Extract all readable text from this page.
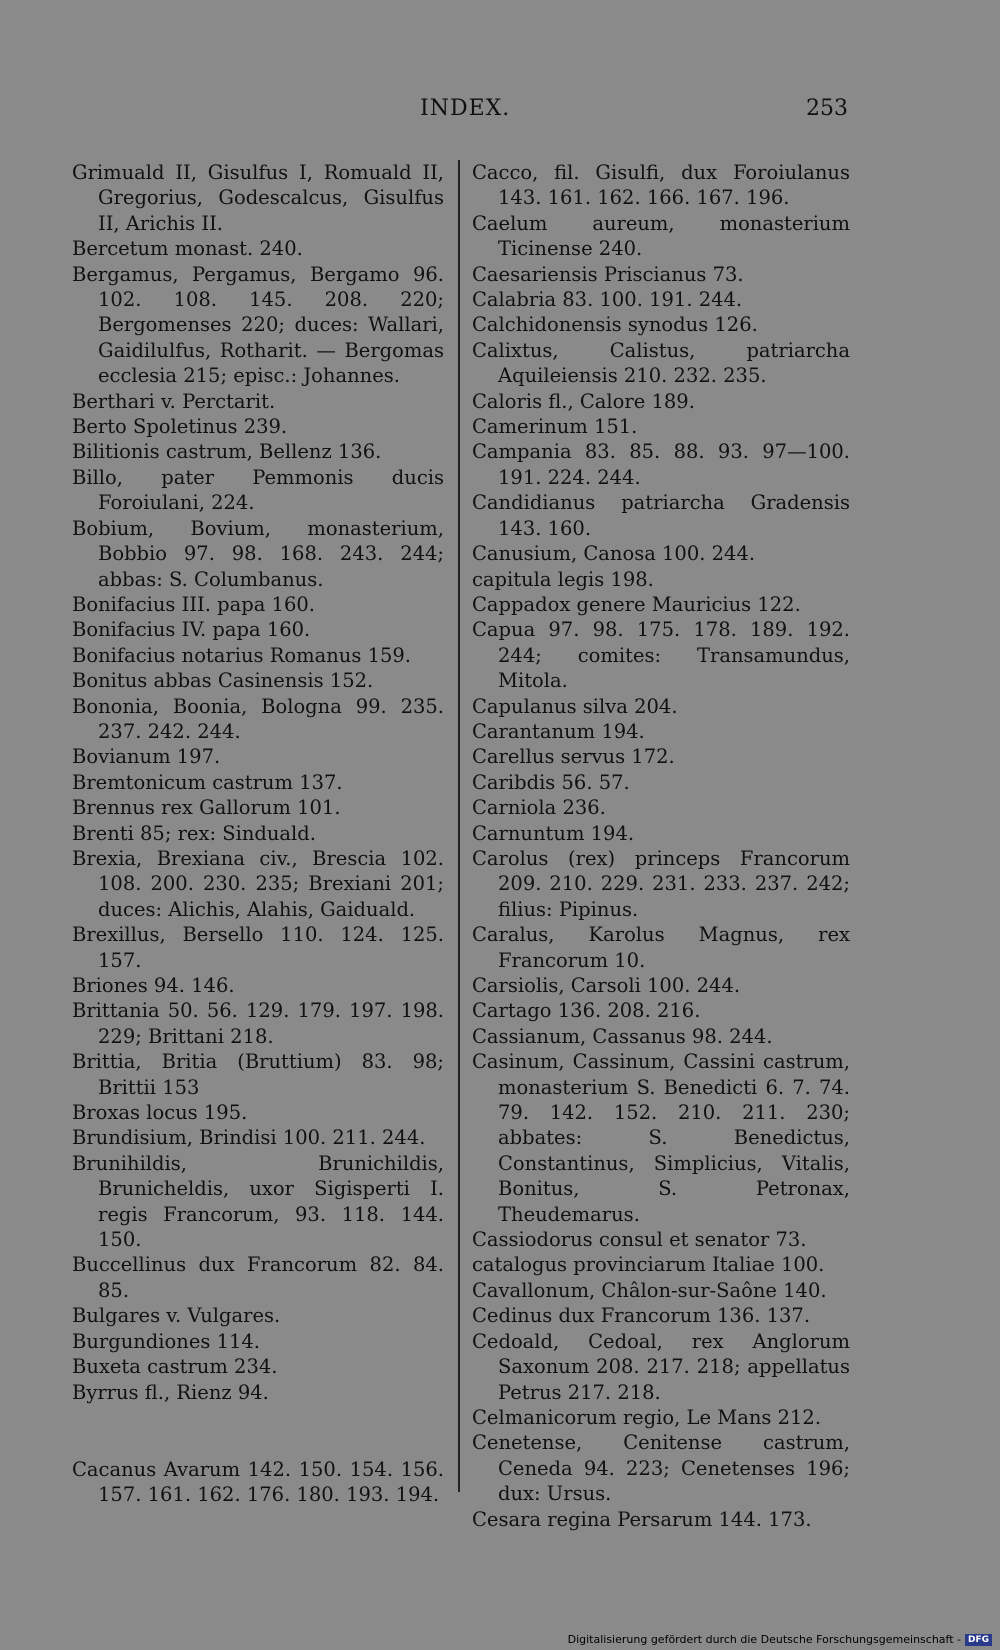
INDEX.	253
Grimuald II, Gisulfus I, Romuald II, Gregorius, Godescalcus, Gisulfus II, Arichis II.
Bercetum monast. 240.
Bergamus, Pergamus, Bergamo 96. 102. 108. 145. 208. 220; Bergomenses 220; duces: Wallari, Gaidilulfus, Rotharit. — Bergomas ecclesia 215; episc.: Johannes.
Berthari v. Perctarit.
Berto Spoletinus 239.
Bilitionis castrum, Bellenz 136.
Billo, pater Pemmonis ducis Foroiulani, 224.
Bobium, Bovium, monasterium, Bobbio 97. 98. 168. 243. 244; abbas: S. Columbanus.
Bonifacius III. papa 160.
Bonifacius IV. papa 160.
Bonifacius notarius Romanus 159.
Bonitus abbas Casinensis 152.
Bononia, Boonia, Bologna 99. 235. 237. 242. 244.
Bovianum 197.
Bremtonicum castrum 137.
Brennus rex Gallorum 101.
Brenti 85; rex: Sinduald.
Brexia, Brexiana civ., Brescia 102. 108. 200. 230. 235; Brexiani 201; duces: Alichis, Alahis, Gaiduald.
Brexillus, Bersello 110. 124. 125. 157.
Briones 94. 146.
Brittania 50. 56. 129. 179. 197. 198. 229; Brittani 218.
Brittia, Britia (Bruttium) 83. 98; Brittii 153
Broxas locus 195.
Brundisium, Brindisi 100. 211. 244.
Brunihildis, Brunichildis, Brunicheldis, uxor Sigisperti I. regis Francorum, 93. 118. 144. 150.
Buccellinus dux Francorum 82. 84. 85.
Bulgares v. Vulgares.
Burgundiones 114.
Buxeta castrum 234.
Byrrus fl., Rienz 94.
Cacanus Avarum 142. 150. 154. 156. 157. 161. 162. 176. 180. 193. 194.
Cacco, fil. Gisulfi, dux Foroiulanus 143. 161. 162. 166. 167. 196.
Caelum aureum, monasterium Ticinense 240.
Caesariensis Priscianus 73.
Calabria 83. 100. 191. 244.
Calchidonensis synodus 126.
Calixtus, Calistus, patriarcha Aquileiensis 210. 232. 235.
Caloris fl., Calore 189.
Camerinum 151.
Campania 83. 85. 88. 93. 97—100. 191. 224. 244.
Candidianus patriarcha Gradensis 143. 160.
Canusium, Canosa 100. 244.
capitula legis 198.
Cappadox genere Mauricius 122.
Capua 97. 98. 175. 178. 189. 192. 244; comites: Transamundus, Mitola.
Capulanus silva 204.
Carantanum 194.
Carellus servus 172.
Caribdis 56. 57.
Carniola 236.
Carnuntum 194.
Carolus (rex) princeps Francorum 209. 210. 229. 231. 233. 237. 242; filius: Pipinus.
Caralus, Karolus Magnus, rex Francorum 10.
Carsiolis, Carsoli 100. 244.
Cartago 136. 208. 216.
Cassianum, Cassanus 98. 244.
Casinum, Cassinum, Cassini castrum, monasterium S. Benedicti 6. 7. 74. 79. 142. 152. 210. 211. 230; abbates: S. Benedictus, Constantinus, Simplicius, Vitalis, Bonitus, S. Petronax, Theudemarus.
Cassiodorus consul et senator 73.
catalogus provinciarum Italiae 100.
Cavallonum, Châlon-sur-Saône 140.
Cedinus dux Francorum 136. 137.
Cedoald, Cedoal, rex Anglorum Saxonum 208. 217. 218; appellatus Petrus 217. 218.
Celmanicorum regio, Le Mans 212.
Cenetense, Cenitense castrum, Ceneda 94. 223; Cenetenses 196; dux: Ursus.
Cesara regina Persarum 144. 173.
Digitalisierung gefördert durch die Deutsche Forschungsgemeinschaft - DFG
